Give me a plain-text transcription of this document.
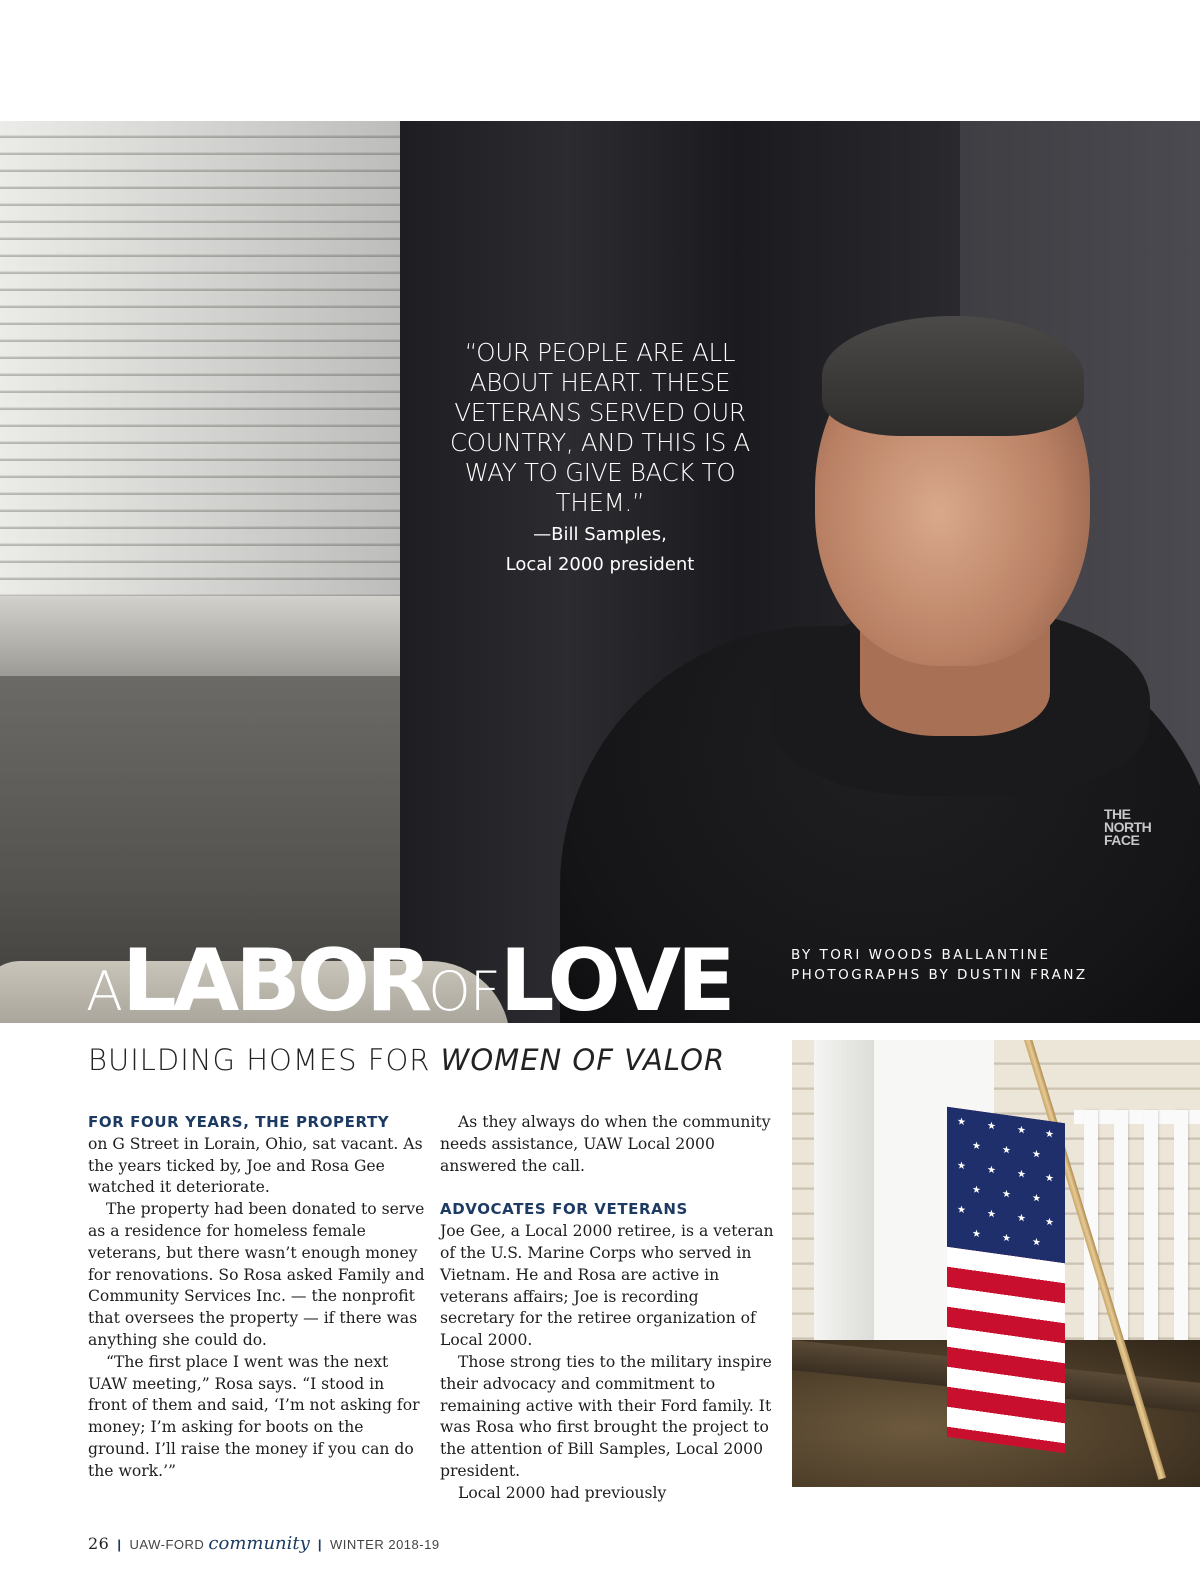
THE NORTH FACE
“OUR PEOPLE ARE ALL ABOUT HEART. THESE VETERANS SERVED OUR COUNTRY, AND THIS IS A WAY TO GIVE BACK TO THEM.”
—Bill Samples,
Local 2000 president
ALABOROFLOVE	BY TORI WOODS BALLANTINE
PHOTOGRAPHS BY DUSTIN FRANZ
BUILDING HOMES FOR WOMEN OF VALOR

FOR FOUR YEARS, THE PROPERTY
on G Street in Lorain, Ohio, sat vacant. As the years ticked by, Joe and Rosa Gee watched it deteriorate.

The property had been donated to serve as a residence for homeless female veterans, but there wasn’t enough money for renovations. So Rosa asked Family and Community Services Inc. — the nonprofit that oversees the property — if there was anything she could do.

“The first place I went was the next UAW meeting,” Rosa says. “I stood in front of them and said, ‘I’m not asking for money; I’m asking for boots on the ground. I’ll raise the money if you can do the work.’”

As they always do when the community needs assistance, UAW Local 2000 answered the call.

ADVOCATES FOR VETERANS

Joe Gee, a Local 2000 retiree, is a veteran of the U.S. Marine Corps who served in Vietnam. He and Rosa are active in veterans affairs; Joe is recording secretary for the retiree organization of Local 2000.

Those strong ties to the military inspire their advocacy and commitment to remaining active with their Ford family. It was Rosa who first brought the project to the attention of Bill Samples, Local 2000 president.

Local 2000 had previously

★ ★ ★ ★
★ ★ ★
★ ★ ★ ★
★ ★ ★
★ ★ ★ ★
★ ★ ★
26 | UAW-FORD community | WINTER 2018-19
